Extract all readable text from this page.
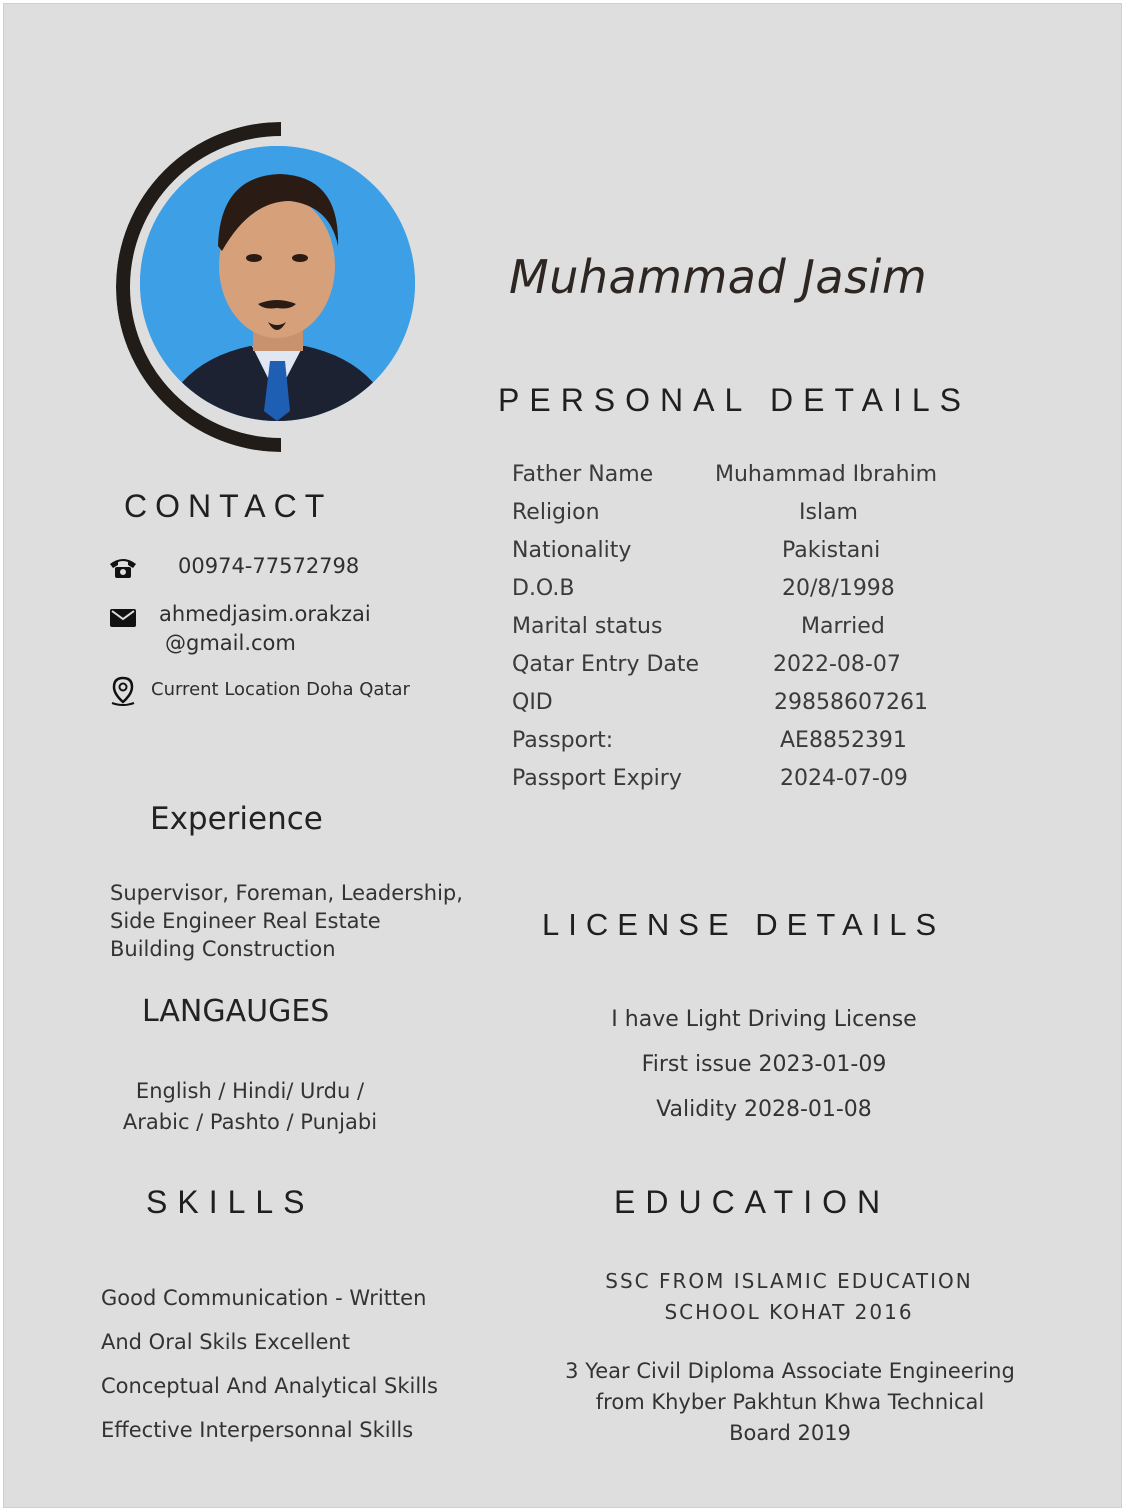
Muhammad Jasim
PERSONAL DETAILS
Father Name	Muhammad Ibrahim
Religion	Islam
Nationality	Pakistani
D.O.B	20/8/1998
Marital status	Married
Qatar Entry Date	2022-08-07
QID	29858607261
Passport:	AE8852391
Passport Expiry	2024-07-09
CONTACT
00974-77572798
ahmedjasim.orakzai
@gmail.com
Current Location Doha Qatar
Experience
Supervisor, Foreman, Leadership,
Side Engineer Real Estate
Building Construction
LANGAUGES
English / Hindi/ Urdu /
Arabic / Pashto / Punjabi
SKILLS
Good Communication - Written
And Oral Skils Excellent
Conceptual And Analytical Skills
Effective Interpersonnal Skills
LICENSE DETAILS
I have Light Driving License
First issue 2023-01-09
Validity 2028-01-08
EDUCATION
SSC FROM ISLAMIC EDUCATION
SCHOOL KOHAT 2016
3 Year Civil Diploma Associate Engineering
from Khyber Pakhtun Khwa Technical
Board 2019
